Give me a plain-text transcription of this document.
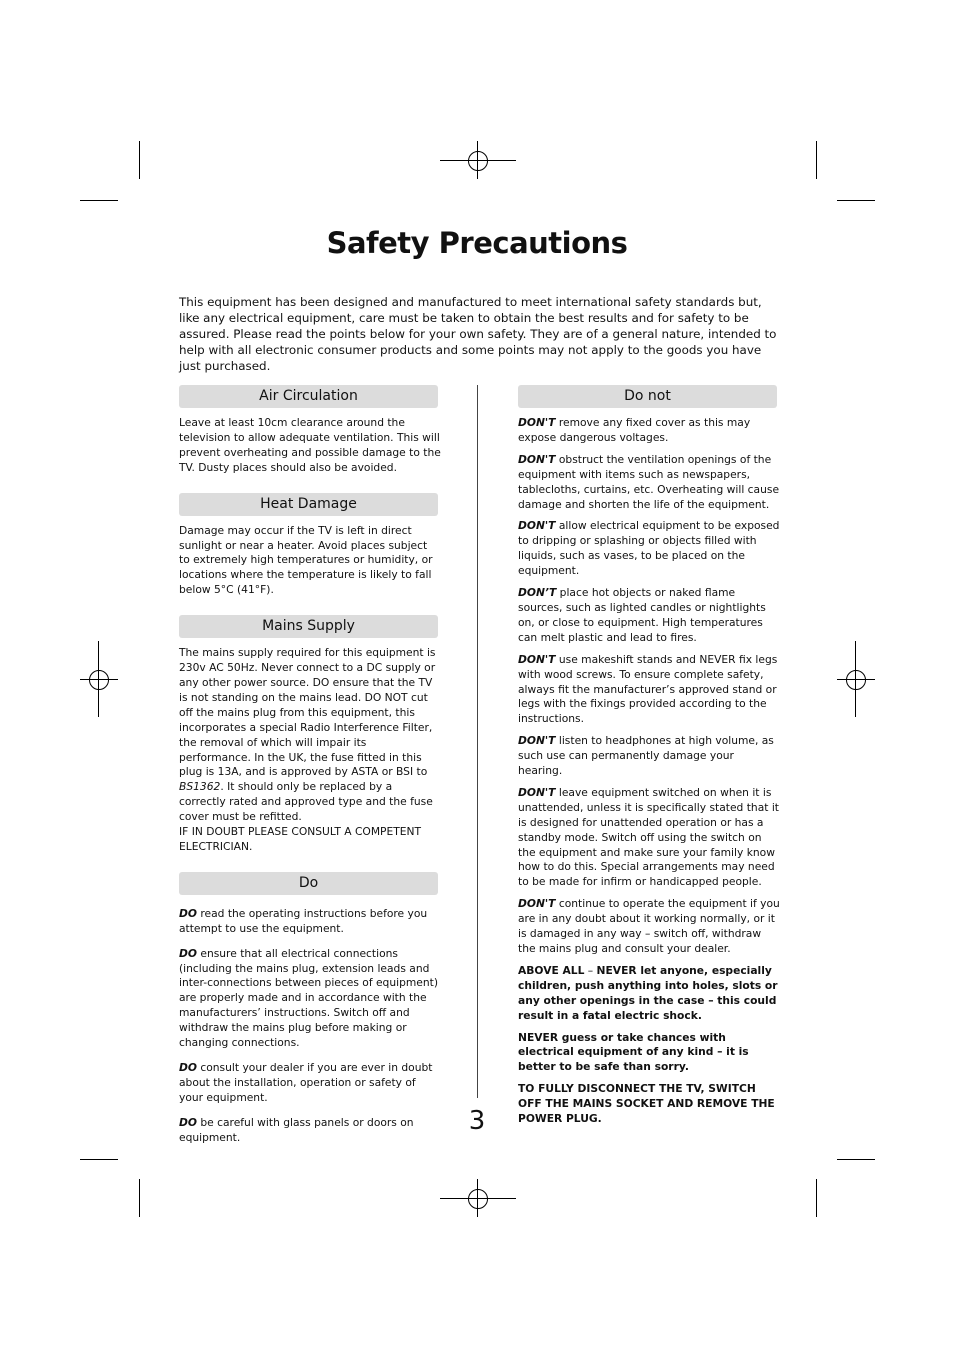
Safety Precautions

This equipment has been designed and manufactured to meet international safety standards but, like any electrical equipment, care must be taken to obtain the best results and for safety to be assured. Please read the points below for your own safety. They are of a general nature, intended to help with all electronic consumer products and some points may not apply to the goods you have just purchased.

Air Circulation

Leave at least 10cm clearance around the television to allow adequate ventilation. This will prevent overheating and possible damage to the TV. Dusty places should also be avoided.

Heat Damage

Damage may occur if the TV is left in direct sunlight or near a heater. Avoid places subject to extremely high temperatures or humidity, or locations where the temperature is likely to fall below 5°C (41°F).

Mains Supply

The mains supply required for this equipment is 230v AC 50Hz. Never connect to a DC supply or any other power source. DO ensure that the TV is not standing on the mains lead. DO NOT cut off the mains plug from this equipment, this incorporates a special Radio Interference Filter, the removal of which will impair its performance. In the UK, the fuse fitted in this plug is 13A, and is approved by ASTA or BSI to BS1362. It should only be replaced by a correctly rated and approved type and the fuse cover must be refitted.
IF IN DOUBT PLEASE CONSULT A COMPETENT ELECTRICIAN.

Do

DO read the operating instructions before you attempt to use the equipment.

DO ensure that all electrical connections (including the mains plug, extension leads and inter-connections between pieces of equipment) are properly made and in accordance with the manufacturers’ instructions. Switch off and withdraw the mains plug before making or changing connections.

DO consult your dealer if you are ever in doubt about the installation, operation or safety of your equipment.

DO be careful with glass panels or doors on equipment.

Do not

DON'T remove any fixed cover as this may expose dangerous voltages.

DON'T obstruct the ventilation openings of the equipment with items such as newspapers, tablecloths, curtains, etc. Overheating will cause damage and shorten the life of the equipment.

DON'T allow electrical equipment to be exposed to dripping or splashing or objects filled with liquids, such as vases, to be placed on the equipment.

DON’T place hot objects or naked flame sources, such as lighted candles or nightlights on, or close to equipment. High temperatures can melt plastic and lead to fires.

DON'T use makeshift stands and NEVER fix legs with wood screws. To ensure complete safety, always fit the manufacturer’s approved stand or legs with the fixings provided according to the instructions.

DON'T listen to headphones at high volume, as such use can permanently damage your hearing.

DON'T leave equipment switched on when it is unattended, unless it is specifically stated that it is designed for unattended operation or has a standby mode. Switch off using the switch on the equipment and make sure your family know how to do this. Special arrangements may need to be made for infirm or handicapped people.

DON'T continue to operate the equipment if you are in any doubt about it working normally, or it is damaged in any way – switch off, withdraw the mains plug and consult your dealer.

ABOVE ALL – NEVER let anyone, especially children, push anything into holes, slots or any other openings in the case – this could result in a fatal electric shock.

NEVER guess or take chances with electrical equipment of any kind – it is better to be safe than sorry.

TO FULLY DISCONNECT THE TV, SWITCH OFF THE MAINS SOCKET AND REMOVE THE POWER PLUG.

3
